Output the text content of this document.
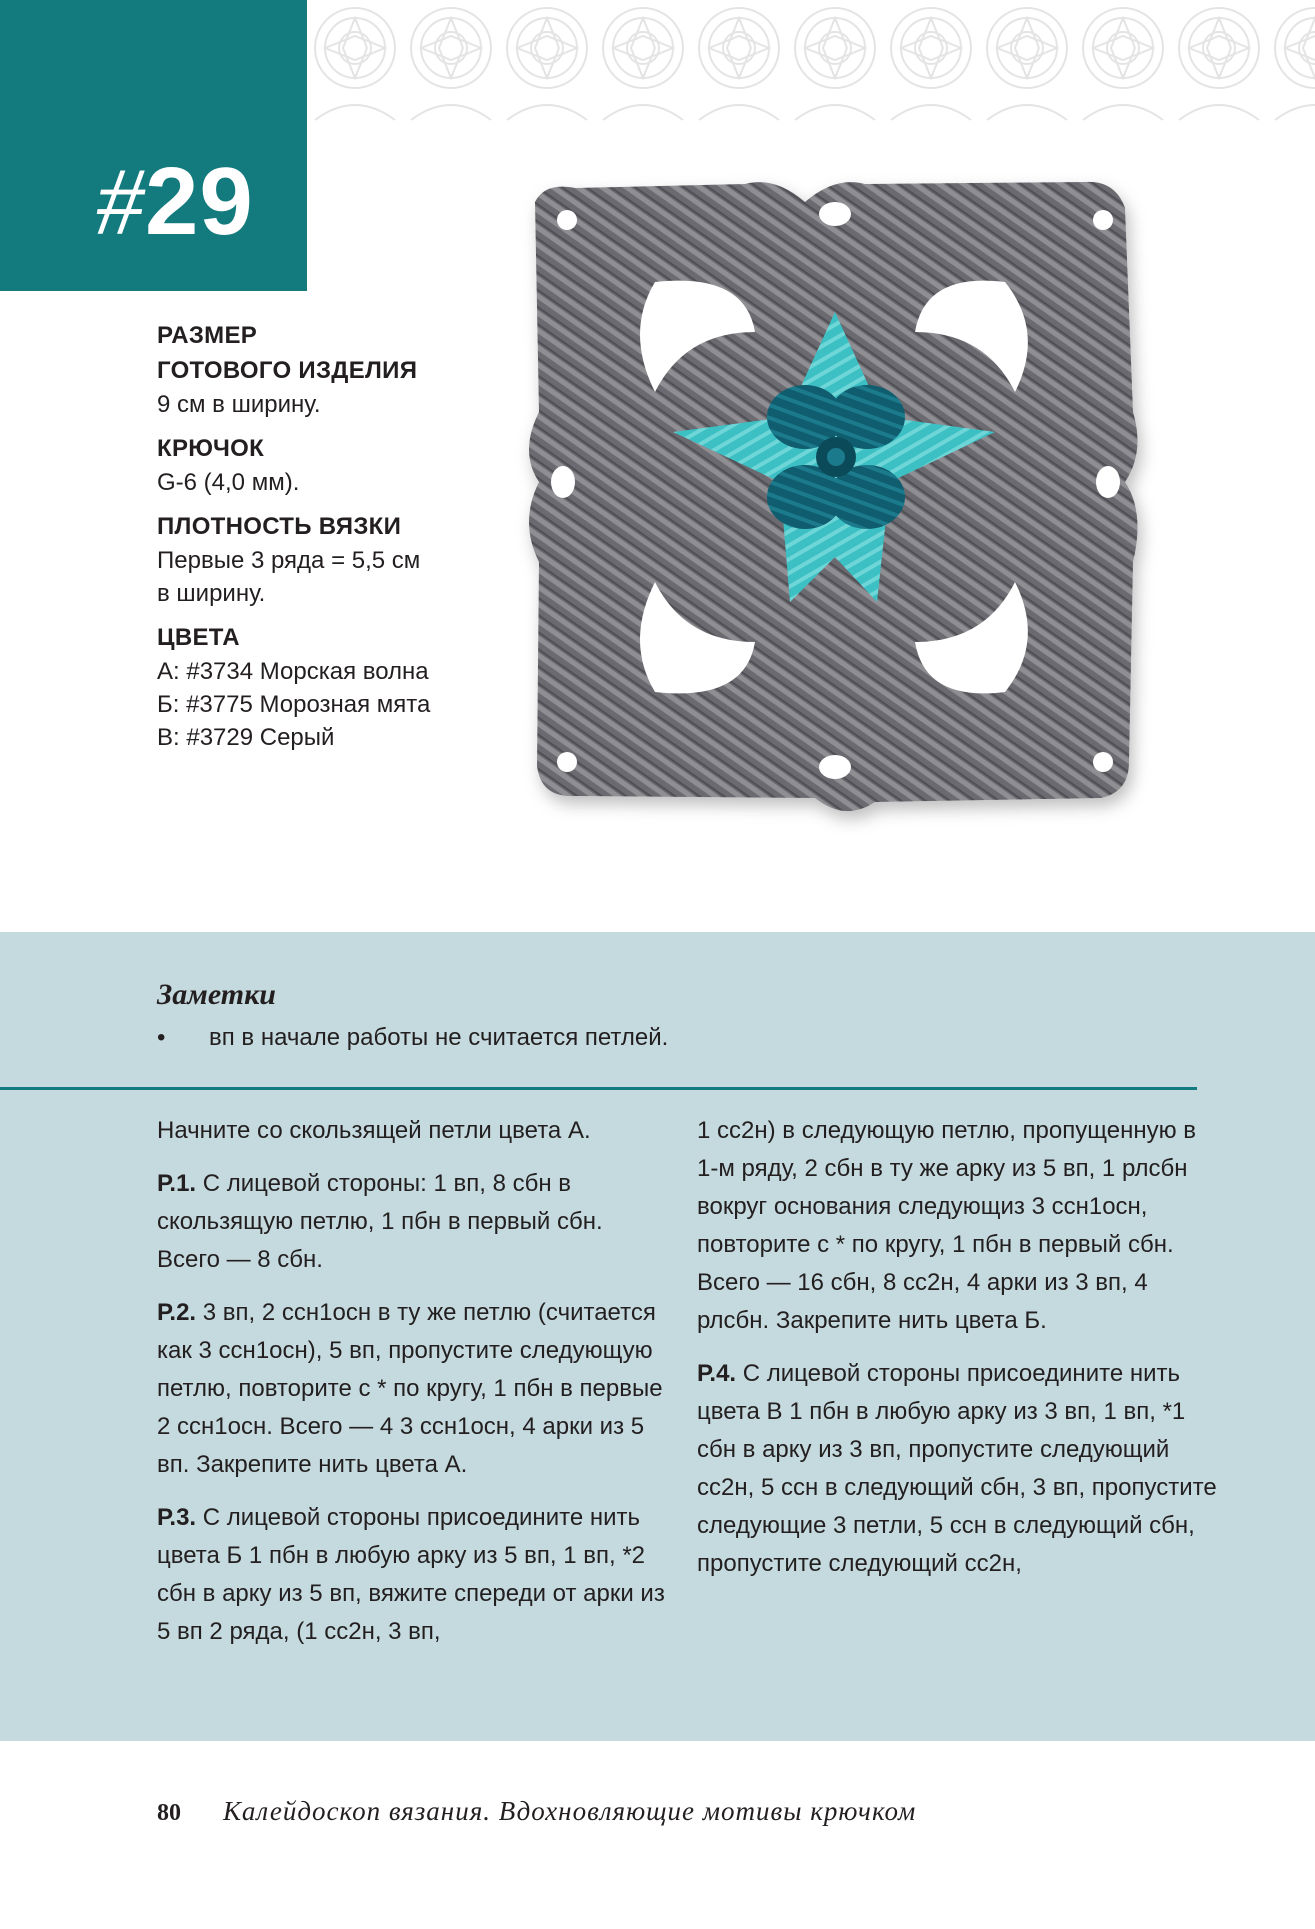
#29
РАЗМЕР
ГОТОВОГО ИЗДЕЛИЯ
9 см в ширину.
КРЮЧОК
G-6 (4,0 мм).
ПЛОТНОСТЬ ВЯЗКИ
Первые 3 ряда = 5,5 см
в ширину.
ЦВЕТА
А: #3734 Морская волна
Б: #3775 Морозная мята
В: #3729 Серый
Заметки
• вп в начале работы не считается петлей.

Начните со скользящей петли цвета А.

Р.1. С лицевой стороны: 1 вп, 8 сбн в скользящую петлю, 1 пбн в первый сбн. Всего — 8 сбн.

Р.2. 3 вп, 2 ссн1осн в ту же петлю (считается как 3 ссн1осн), 5 вп, пропустите следующую петлю, повторите с * по кругу, 1 пбн в первые 2 ссн1осн. Всего — 4 3 ссн1осн, 4 арки из 5 вп. Закрепите нить цвета А.

Р.3. С лицевой стороны присоедините нить цвета Б 1 пбн в любую арку из 5 вп, 1 вп, *2 сбн в арку из 5 вп, вяжите спереди от арки из 5 вп 2 ряда, (1 сс2н, 3 вп,

1 сс2н) в следующую петлю, пропущенную в 1-м ряду, 2 сбн в ту же арку из 5 вп, 1 рлсбн вокруг основания следующиз 3 ссн1осн, повторите с * по кругу, 1 пбн в первый сбн. Всего — 16 сбн, 8 сс2н, 4 арки из 3 вп, 4 рлсбн. Закрепите нить цвета Б.

Р.4. С лицевой стороны присоедините нить цвета В 1 пбн в любую арку из 3 вп, 1 вп, *1 сбн в арку из 3 вп, пропустите следующий сс2н, 5 ссн в следующий сбн, 3 вп, пропустите следующие 3 петли, 5 ссн в следующий сбн, пропустите следующий сс2н,

80 Калейдоскоп вязания. Вдохновляющие мотивы крючком
